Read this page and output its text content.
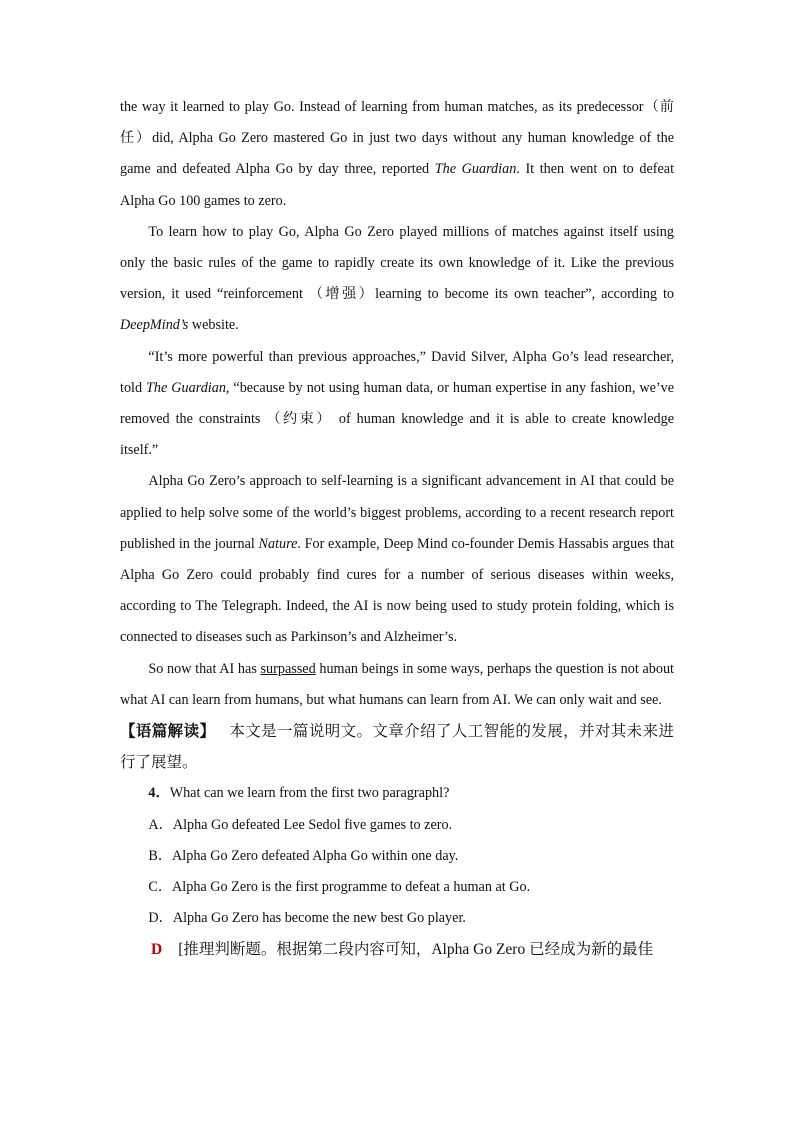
the way it learned to play Go. Instead of learning from human matches, as its predecessor（前任）did, Alpha Go Zero mastered Go in just two days without any human knowledge of the game and defeated Alpha Go by day three, reported The Guardian. It then went on to defeat Alpha Go 100 games to zero.

To learn how to play Go, Alpha Go Zero played millions of matches against itself using only the basic rules of the game to rapidly create its own knowledge of it. Like the previous version, it used “reinforcement （增强）learning to become its own teacher”, according to DeepMind’s website.

“It’s more powerful than previous approaches,” David Silver, Alpha Go’s lead researcher, told The Guardian, “because by not using human data, or human expertise in any fashion, we’ve removed the constraints （约束） of human knowledge and it is able to create knowledge itself.”

Alpha Go Zero’s approach to self-learning is a significant advancement in AI that could be applied to help solve some of the world’s biggest problems, according to a recent research report published in the journal Nature. For example, Deep Mind co-founder Demis Hassabis argues that Alpha Go Zero could probably find cures for a number of serious diseases within weeks, according to The Telegraph. Indeed, the AI is now being used to study protein folding, which is connected to diseases such as Parkinson’s and Alzheimer’s.

So now that AI has surpassed human beings in some ways, perhaps the question is not about what AI can learn from humans, but what humans can learn from AI. We can only wait and see.

【语篇解读】 本文是一篇说明文。文章介绍了人工智能的发展，并对其未来进行了展望。

4．What can we learn from the first two paragraphl?

A．Alpha Go defeated Lee Sedol five games to zero.

B．Alpha Go Zero defeated Alpha Go within one day.

C．Alpha Go Zero is the first programme to defeat a human at Go.

D．Alpha Go Zero has become the new best Go player.

D [推理判断题。根据第二段内容可知，Alpha Go Zero 已经成为新的最佳
